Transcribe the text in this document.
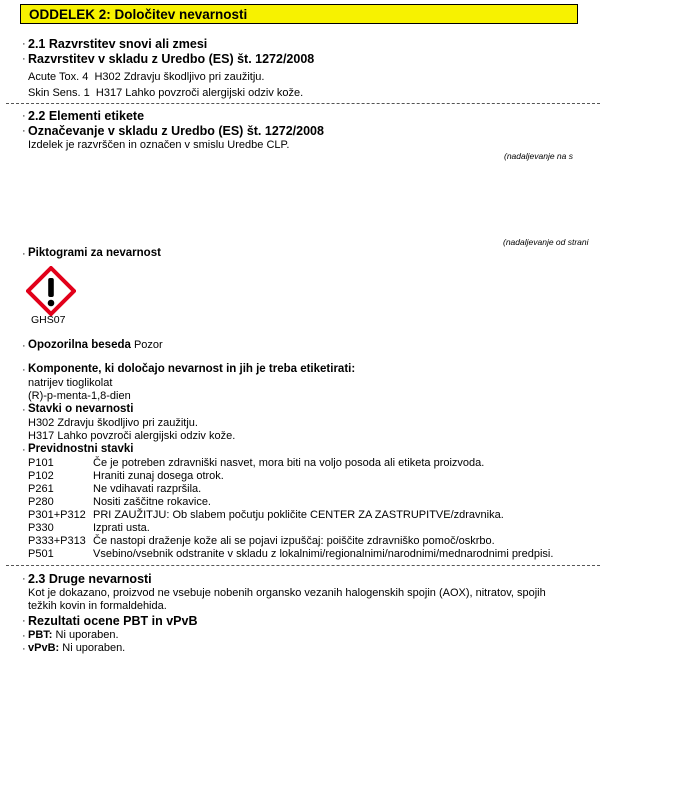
ODDELEK 2: Določitev nevarnosti
· 2.1 Razvrstitev snovi ali zmesi
· Razvrstitev v skladu z Uredbo (ES) št. 1272/2008
Acute Tox. 4 H302 Zdravju škodljivo pri zaužitju.
Skin Sens. 1 H317 Lahko povzroči alergijski odziv kože.
· 2.2 Elementi etikete
· Označevanje v skladu z Uredbo (ES) št. 1272/2008
Izdelek je razvrščen in označen v smislu Uredbe CLP.
(nadaljevanje na s
(nadaljevanje od strani
· Piktogrami za nevarnost
GHS07
· Opozorilna beseda Pozor
· Komponente, ki določajo nevarnost in jih je treba etiketirati:
natrijev tioglikolat
(R)-p-menta-1,8-dien
· Stavki o nevarnosti
H302 Zdravju škodljivo pri zaužitju.
H317 Lahko povzroči alergijski odziv kože.
· Previdnostni stavki
P101	Če je potreben zdravniški nasvet, mora biti na voljo posoda ali etiketa proizvoda.
P102	Hraniti zunaj dosega otrok.
P261	Ne vdihavati razpršila.
P280	Nositi zaščitne rokavice.
P301+P312 PRI ZAUŽITJU: Ob slabem počutju pokličite CENTER ZA ZASTRUPITVE/zdravnika.
P330	Izprati usta.
P333+P313 Če nastopi draženje kože ali se pojavi izpuščaj: poiščite zdravniško pomoč/oskrbo.
P501	Vsebino/vsebnik odstranite v skladu z lokalnimi/regionalnimi/narodnimi/mednarodnimi predpisi.
· 2.3 Druge nevarnosti
Kot je dokazano, proizvod ne vsebuje nobenih organsko vezanih halogenskih spojin (AOX), nitratov, spojih
težkih kovin in formaldehida.
· Rezultati ocene PBT in vPvB
· PBT: Ni uporaben.
· vPvB: Ni uporaben.
